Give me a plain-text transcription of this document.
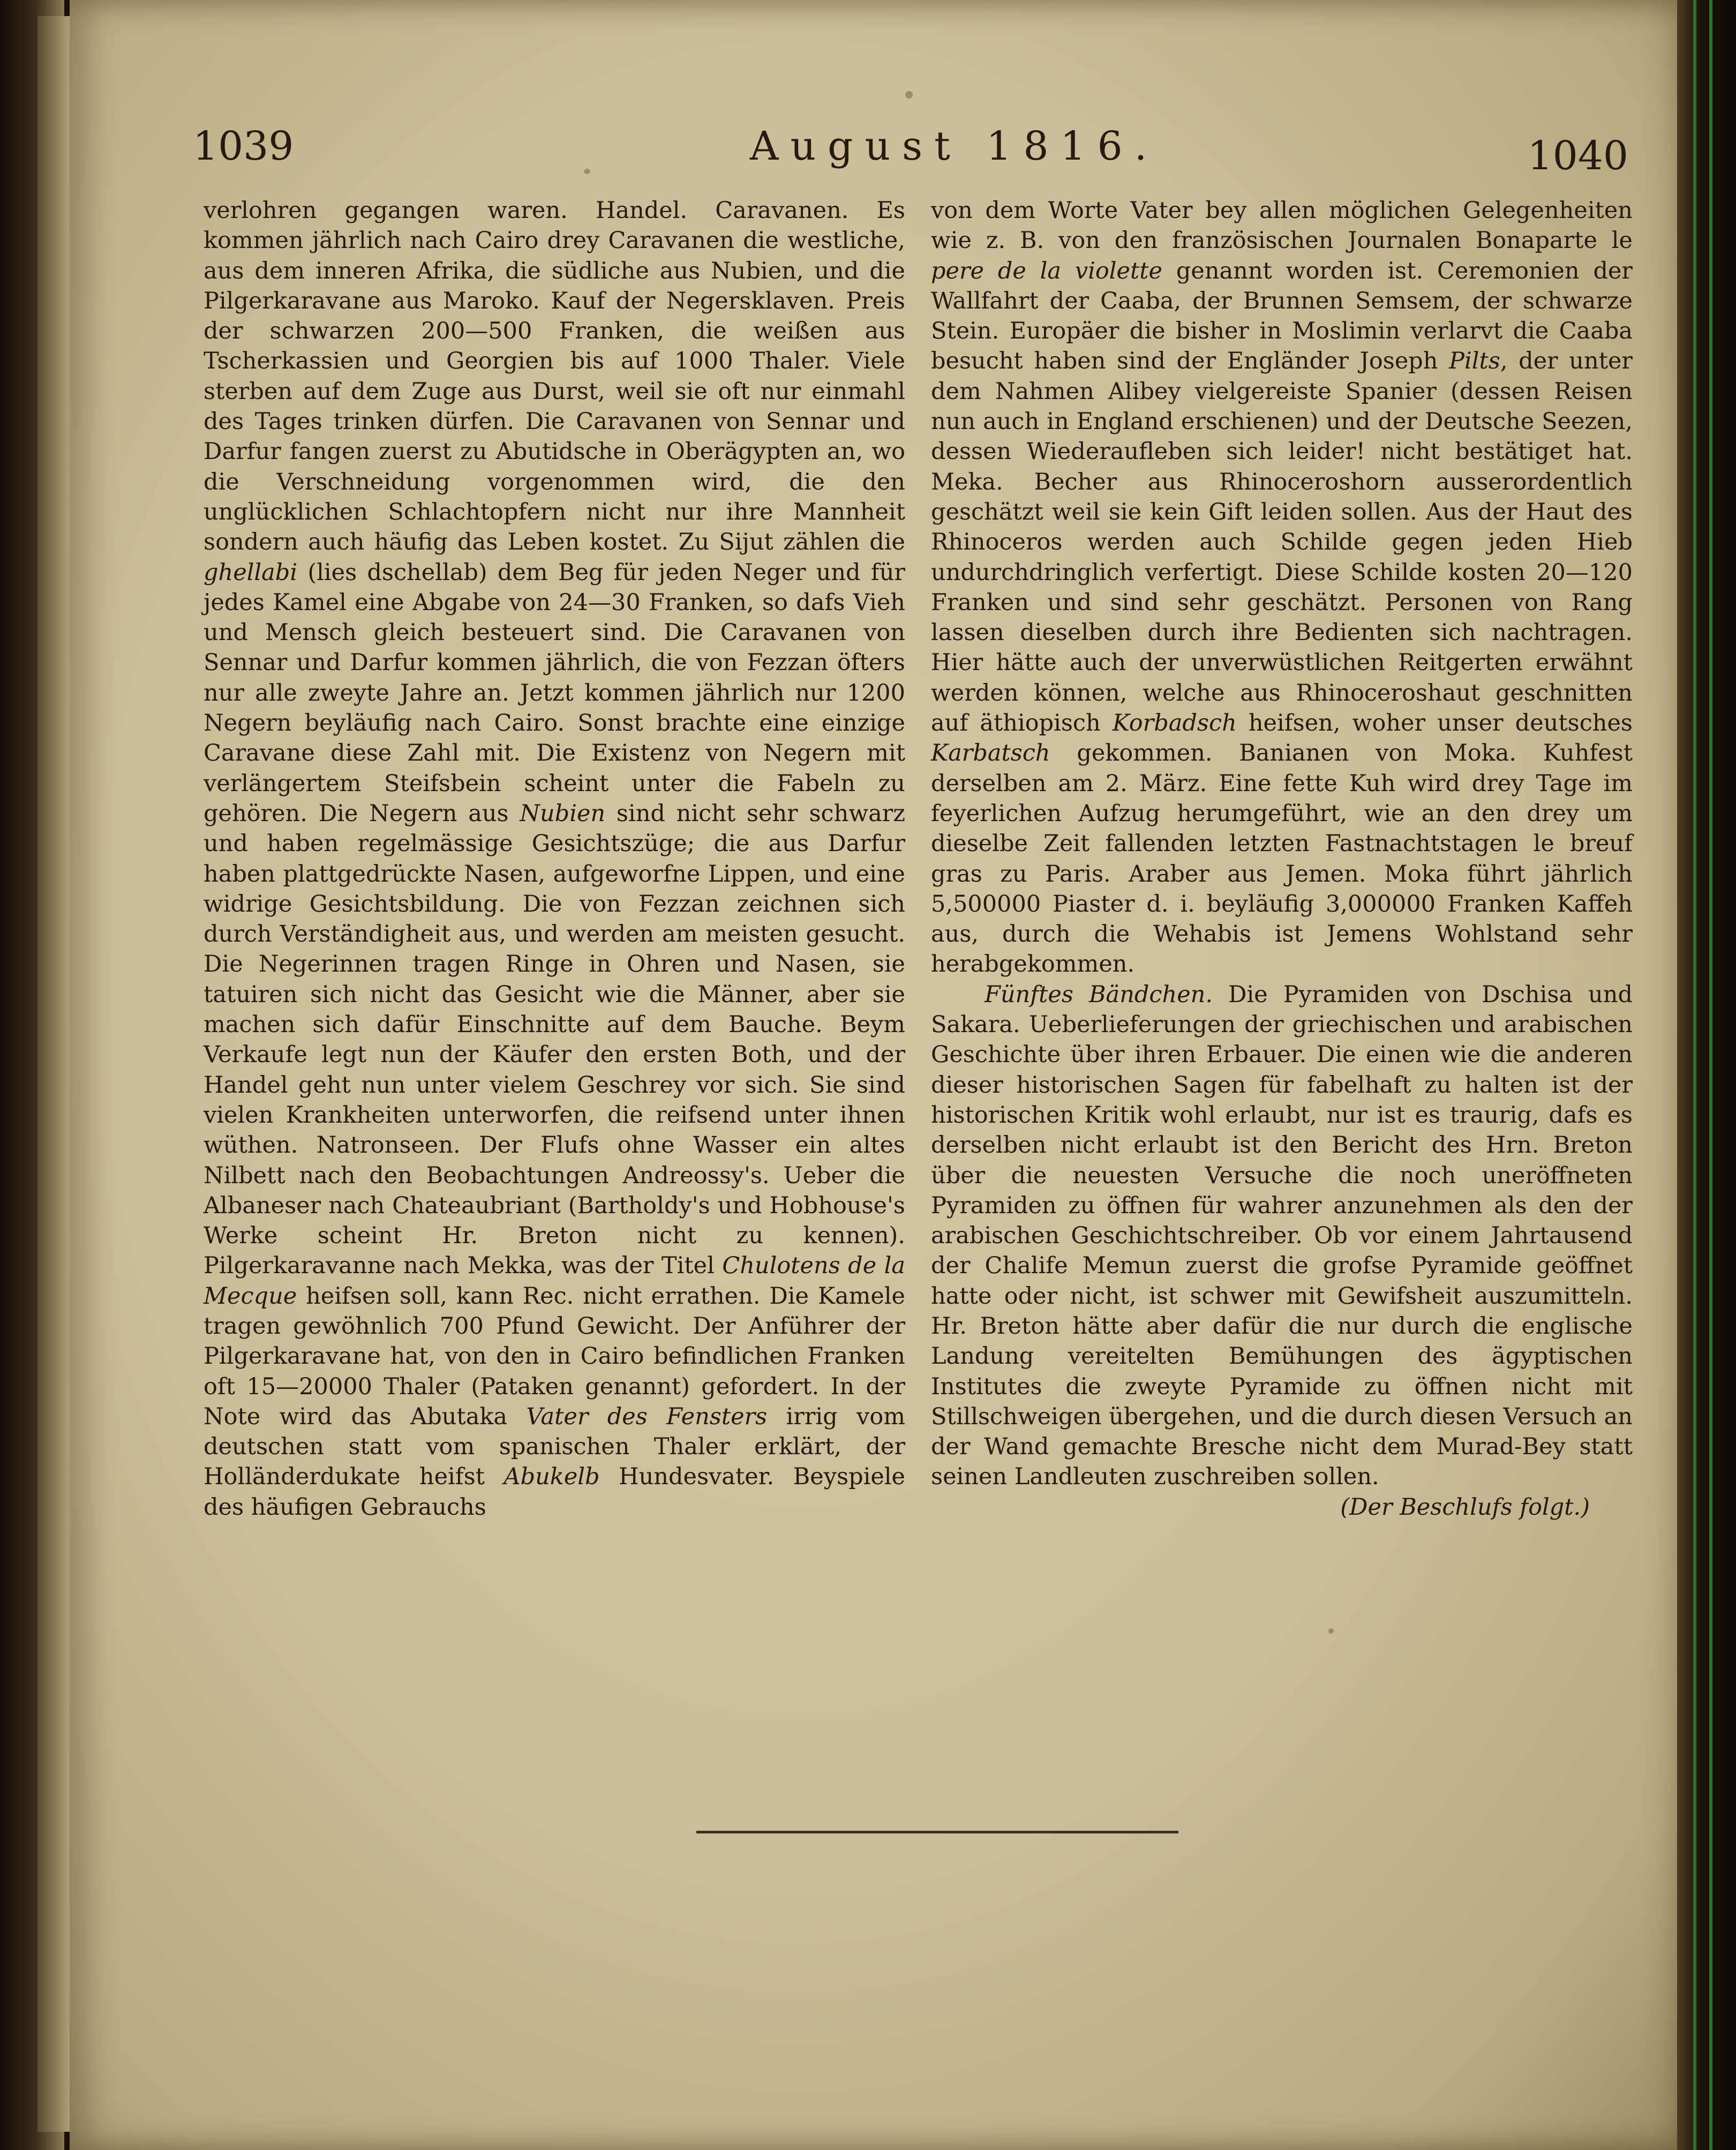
1039	August 1816.	1040

verlohren gegangen waren. Handel. Caravanen. Es kommen jährlich nach Cairo drey Caravanen die westliche, aus dem inneren Afrika, die südliche aus Nubien, und die Pilgerkaravane aus Maroko. Kauf der Negersklaven. Preis der schwarzen 200—500 Franken, die weißen aus Tscherkassien und Georgien bis auf 1000 Thaler. Viele sterben auf dem Zuge aus Durst, weil sie oft nur einmahl des Tages trinken dürfen. Die Caravanen von Sennar und Darfur fangen zuerst zu Abutidsche in Oberägypten an, wo die Verschneidung vorgenommen wird, die den unglücklichen Schlachtopfern nicht nur ihre Mannheit sondern auch häufig das Leben kostet. Zu Sijut zählen die ghellabi (lies dschellab) dem Beg für jeden Neger und für jedes Kamel eine Abgabe von 24—30 Franken, so dafs Vieh und Mensch gleich besteuert sind. Die Caravanen von Sennar und Darfur kommen jährlich, die von Fezzan öfters nur alle zweyte Jahre an. Jetzt kommen jährlich nur 1200 Negern beyläufig nach Cairo. Sonst brachte eine einzige Caravane diese Zahl mit. Die Existenz von Negern mit verlängertem Steifsbein scheint unter die Fabeln zu gehören. Die Negern aus Nubien sind nicht sehr schwarz und haben regelmässige Gesichtszüge; die aus Darfur haben plattgedrückte Nasen, aufgeworfne Lippen, und eine widrige Gesichtsbildung. Die von Fezzan zeichnen sich durch Verständigheit aus, und werden am meisten gesucht. Die Negerinnen tragen Ringe in Ohren und Nasen, sie tatuiren sich nicht das Gesicht wie die Männer, aber sie machen sich dafür Einschnitte auf dem Bauche. Beym Verkaufe legt nun der Käufer den ersten Both, und der Handel geht nun unter vielem Geschrey vor sich. Sie sind vielen Krankheiten unterworfen, die reifsend unter ihnen wüthen. Natronseen. Der Flufs ohne Wasser ein altes Nilbett nach den Beobachtungen Andreossy's. Ueber die Albaneser nach Chateaubriant (Bartholdy's und Hobhouse's Werke scheint Hr. Breton nicht zu kennen). Pilgerkaravanne nach Mekka, was der Titel Chulotens de la Mecque heifsen soll, kann Rec. nicht errathen. Die Kamele tragen gewöhnlich 700 Pfund Gewicht. Der Anführer der Pilgerkaravane hat, von den in Cairo befindlichen Franken oft 15—20000 Thaler (Pataken genannt) gefordert. In der Note wird das Abutaka Vater des Fensters irrig vom deutschen statt vom spanischen Thaler erklärt, der Holländerdukate heifst Abukelb Hundesvater. Beyspiele des häufigen Gebrauchs

von dem Worte Vater bey allen möglichen Gelegenheiten wie z. B. von den französischen Journalen Bonaparte le pere de la violette genannt worden ist. Ceremonien der Wallfahrt der Caaba, der Brunnen Semsem, der schwarze Stein. Europäer die bisher in Moslimin verlarvt die Caaba besucht haben sind der Engländer Joseph Pilts, der unter dem Nahmen Alibey vielgereiste Spanier (dessen Reisen nun auch in England erschienen) und der Deutsche Seezen, dessen Wiederaufleben sich leider! nicht bestätiget hat. Meka. Becher aus Rhinoceroshorn ausserordentlich geschätzt weil sie kein Gift leiden sollen. Aus der Haut des Rhinoceros werden auch Schilde gegen jeden Hieb undurchdringlich verfertigt. Diese Schilde kosten 20—120 Franken und sind sehr geschätzt. Personen von Rang lassen dieselben durch ihre Bedienten sich nachtragen. Hier hätte auch der unverwüstlichen Reitgerten erwähnt werden können, welche aus Rhinoceroshaut geschnitten auf äthiopisch Korbadsch heifsen, woher unser deutsches Karbatsch gekommen. Banianen von Moka. Kuhfest derselben am 2. März. Eine fette Kuh wird drey Tage im feyerlichen Aufzug herumgeführt, wie an den drey um dieselbe Zeit fallenden letzten Fastnachtstagen le breuf gras zu Paris. Araber aus Jemen. Moka führt jährlich 5,500000 Piaster d. i. beyläufig 3,000000 Franken Kaffeh aus, durch die Wehabis ist Jemens Wohlstand sehr herabgekommen.

Fünftes Bändchen. Die Pyramiden von Dschisa und Sakara. Ueberlieferungen der griechischen und arabischen Geschichte über ihren Erbauer. Die einen wie die anderen dieser historischen Sagen für fabelhaft zu halten ist der historischen Kritik wohl erlaubt, nur ist es traurig, dafs es derselben nicht erlaubt ist den Bericht des Hrn. Breton über die neuesten Versuche die noch uneröffneten Pyramiden zu öffnen für wahrer anzunehmen als den der arabischen Geschichtschreiber. Ob vor einem Jahrtausend der Chalife Memun zuerst die grofse Pyramide geöffnet hatte oder nicht, ist schwer mit Gewifsheit auszumitteln. Hr. Breton hätte aber dafür die nur durch die englische Landung vereitelten Bemühungen des ägyptischen Institutes die zweyte Pyramide zu öffnen nicht mit Stillschweigen übergehen, und die durch diesen Versuch an der Wand gemachte Bresche nicht dem Murad-Bey statt seinen Landleuten zuschreiben sollen.

(Der Beschlufs folgt.)
